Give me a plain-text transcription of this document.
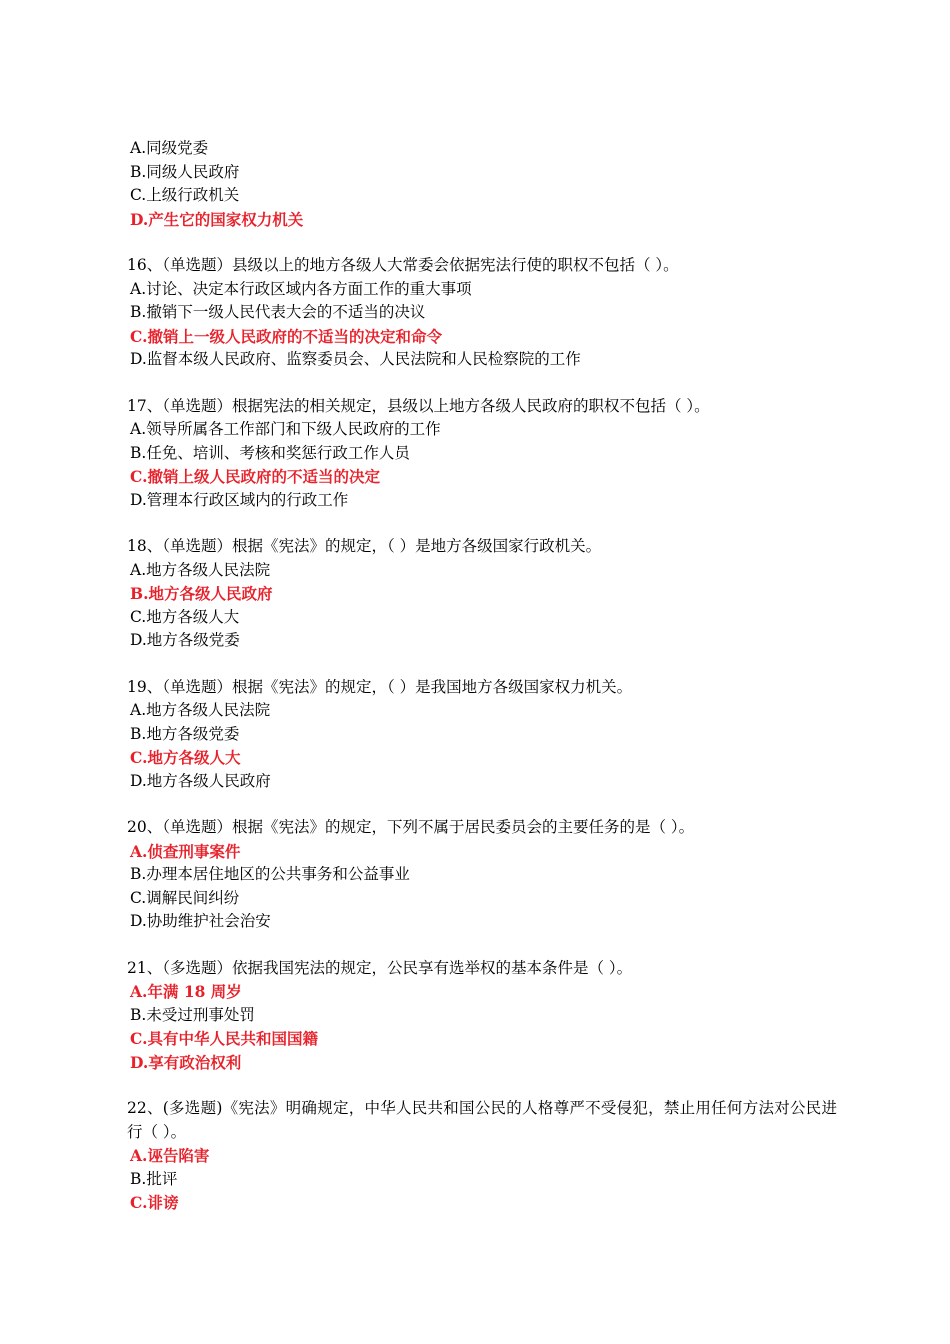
A.同级党委
B.同级人民政府
C.上级行政机关
D.产生它的国家权力机关
16、（单选题）县级以上的地方各级人大常委会依据宪法行使的职权不包括（ ）。
A.讨论、决定本行政区域内各方面工作的重大事项
B.撤销下一级人民代表大会的不适当的决议
C.撤销上一级人民政府的不适当的决定和命令
D.监督本级人民政府、监察委员会、人民法院和人民检察院的工作
17、（单选题）根据宪法的相关规定，县级以上地方各级人民政府的职权不包括（ ）。
A.领导所属各工作部门和下级人民政府的工作
B.任免、培训、考核和奖惩行政工作人员
C.撤销上级人民政府的不适当的决定
D.管理本行政区域内的行政工作
18、（单选题）根据《宪法》的规定，（ ）是地方各级国家行政机关。
A.地方各级人民法院
B.地方各级人民政府
C.地方各级人大
D.地方各级党委
19、（单选题）根据《宪法》的规定，（ ）是我国地方各级国家权力机关。
A.地方各级人民法院
B.地方各级党委
C.地方各级人大
D.地方各级人民政府
20、（单选题）根据《宪法》的规定，下列不属于居民委员会的主要任务的是（ ）。
A.侦查刑事案件
B.办理本居住地区的公共事务和公益事业
C.调解民间纠纷
D.协助维护社会治安
21、（多选题）依据我国宪法的规定，公民享有选举权的基本条件是（ ）。
A.年满 18 周岁
B.未受过刑事处罚
C.具有中华人民共和国国籍
D.享有政治权利
22、(多选题)《宪法》明确规定，中华人民共和国公民的人格尊严不受侵犯，禁止用任何方法对公民进行（ ）。
A.诬告陷害
B.批评
C.诽谤
